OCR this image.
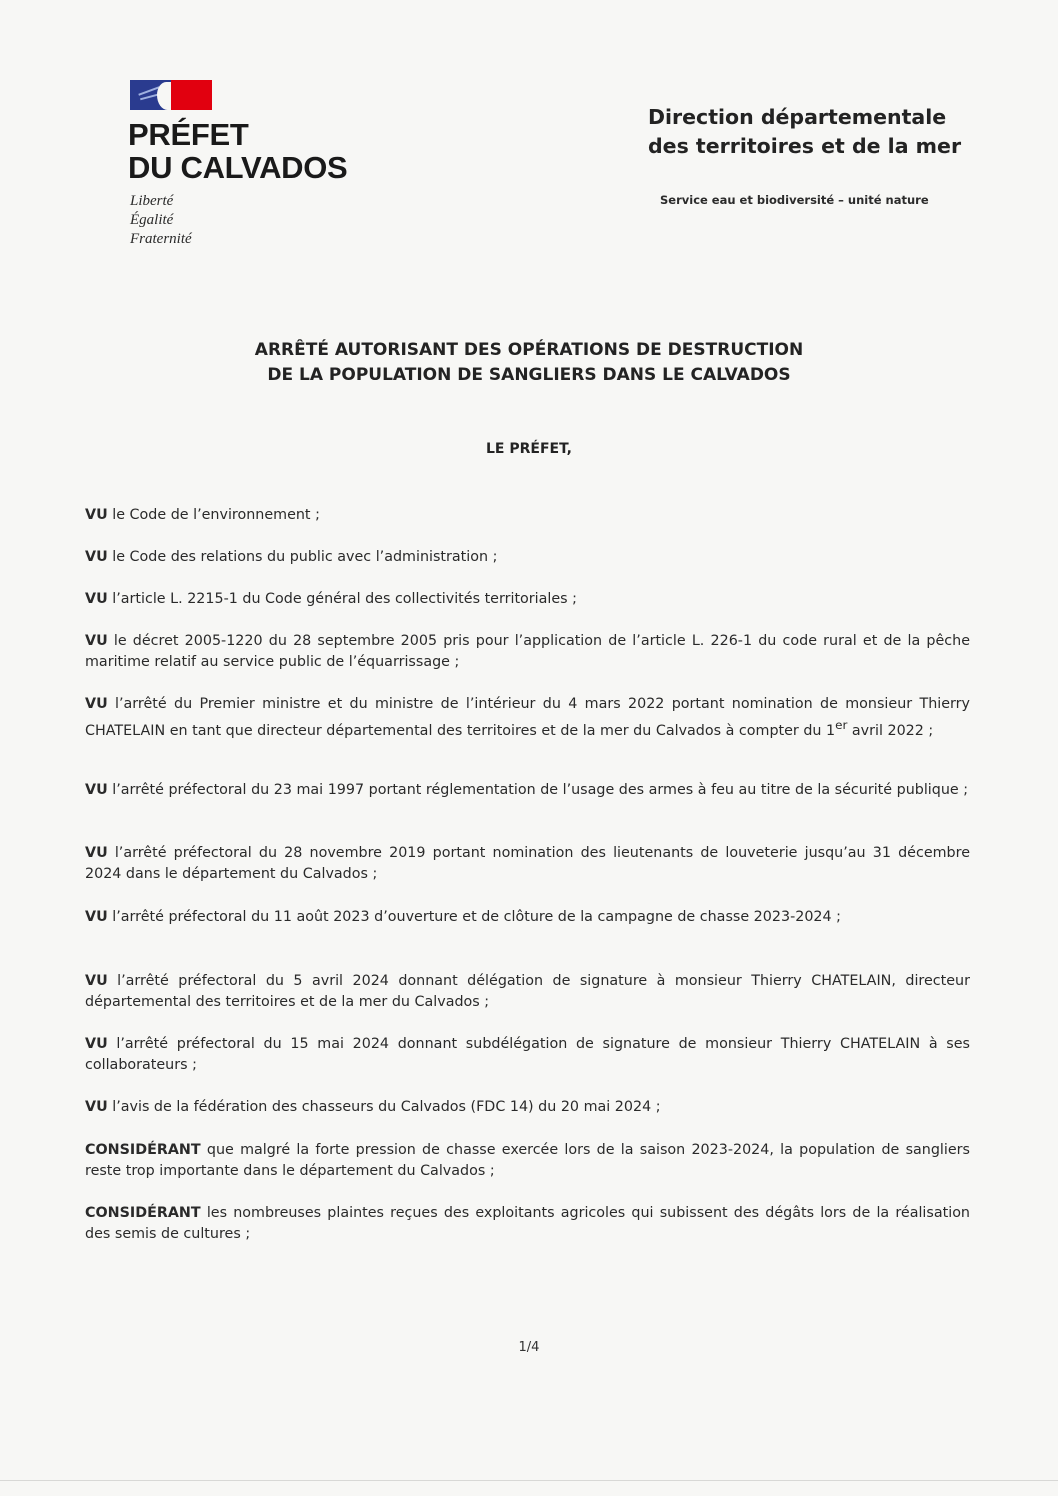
PRÉFET
DU CALVADOS
Liberté
Égalité
Fraternité
Direction départementale
des territoires et de la mer
Service eau et biodiversité – unité nature
ARRÊTÉ AUTORISANT DES OPÉRATIONS DE DESTRUCTION
DE LA POPULATION DE SANGLIERS DANS LE CALVADOS
LE PRÉFET,

VU le Code de l’environnement ;

VU le Code des relations du public avec l’administration ;

VU l’article L. 2215-1 du Code général des collectivités territoriales ;

VU le décret 2005-1220 du 28 septembre 2005 pris pour l’application de l’article L. 226-1 du code rural et de la pêche maritime relatif au service public de l’équarrissage ;

VU l’arrêté du Premier ministre et du ministre de l’intérieur du 4 mars 2022 portant nomination de monsieur Thierry CHATELAIN en tant que directeur départemental des territoires et de la mer du Calvados à compter du 1er avril 2022 ;

VU l’arrêté préfectoral du 23 mai 1997 portant réglementation de l’usage des armes à feu au titre de la sécurité publique ;

VU l’arrêté préfectoral du 28 novembre 2019 portant nomination des lieutenants de louveterie jusqu’au 31 décembre 2024 dans le département du Calvados ;

VU l’arrêté préfectoral du 11 août 2023 d’ouverture et de clôture de la campagne de chasse 2023-2024 ;

VU l’arrêté préfectoral du 5 avril 2024 donnant délégation de signature à monsieur Thierry CHATELAIN, directeur départemental des territoires et de la mer du Calvados ;

VU l’arrêté préfectoral du 15 mai 2024 donnant subdélégation de signature de monsieur Thierry CHATELAIN à ses collaborateurs ;

VU l’avis de la fédération des chasseurs du Calvados (FDC 14) du 20 mai 2024 ;

CONSIDÉRANT que malgré la forte pression de chasse exercée lors de la saison 2023-2024, la population de sangliers reste trop importante dans le département du Calvados ;

CONSIDÉRANT les nombreuses plaintes reçues des exploitants agricoles qui subissent des dégâts lors de la réalisation des semis de cultures ;

1/4
